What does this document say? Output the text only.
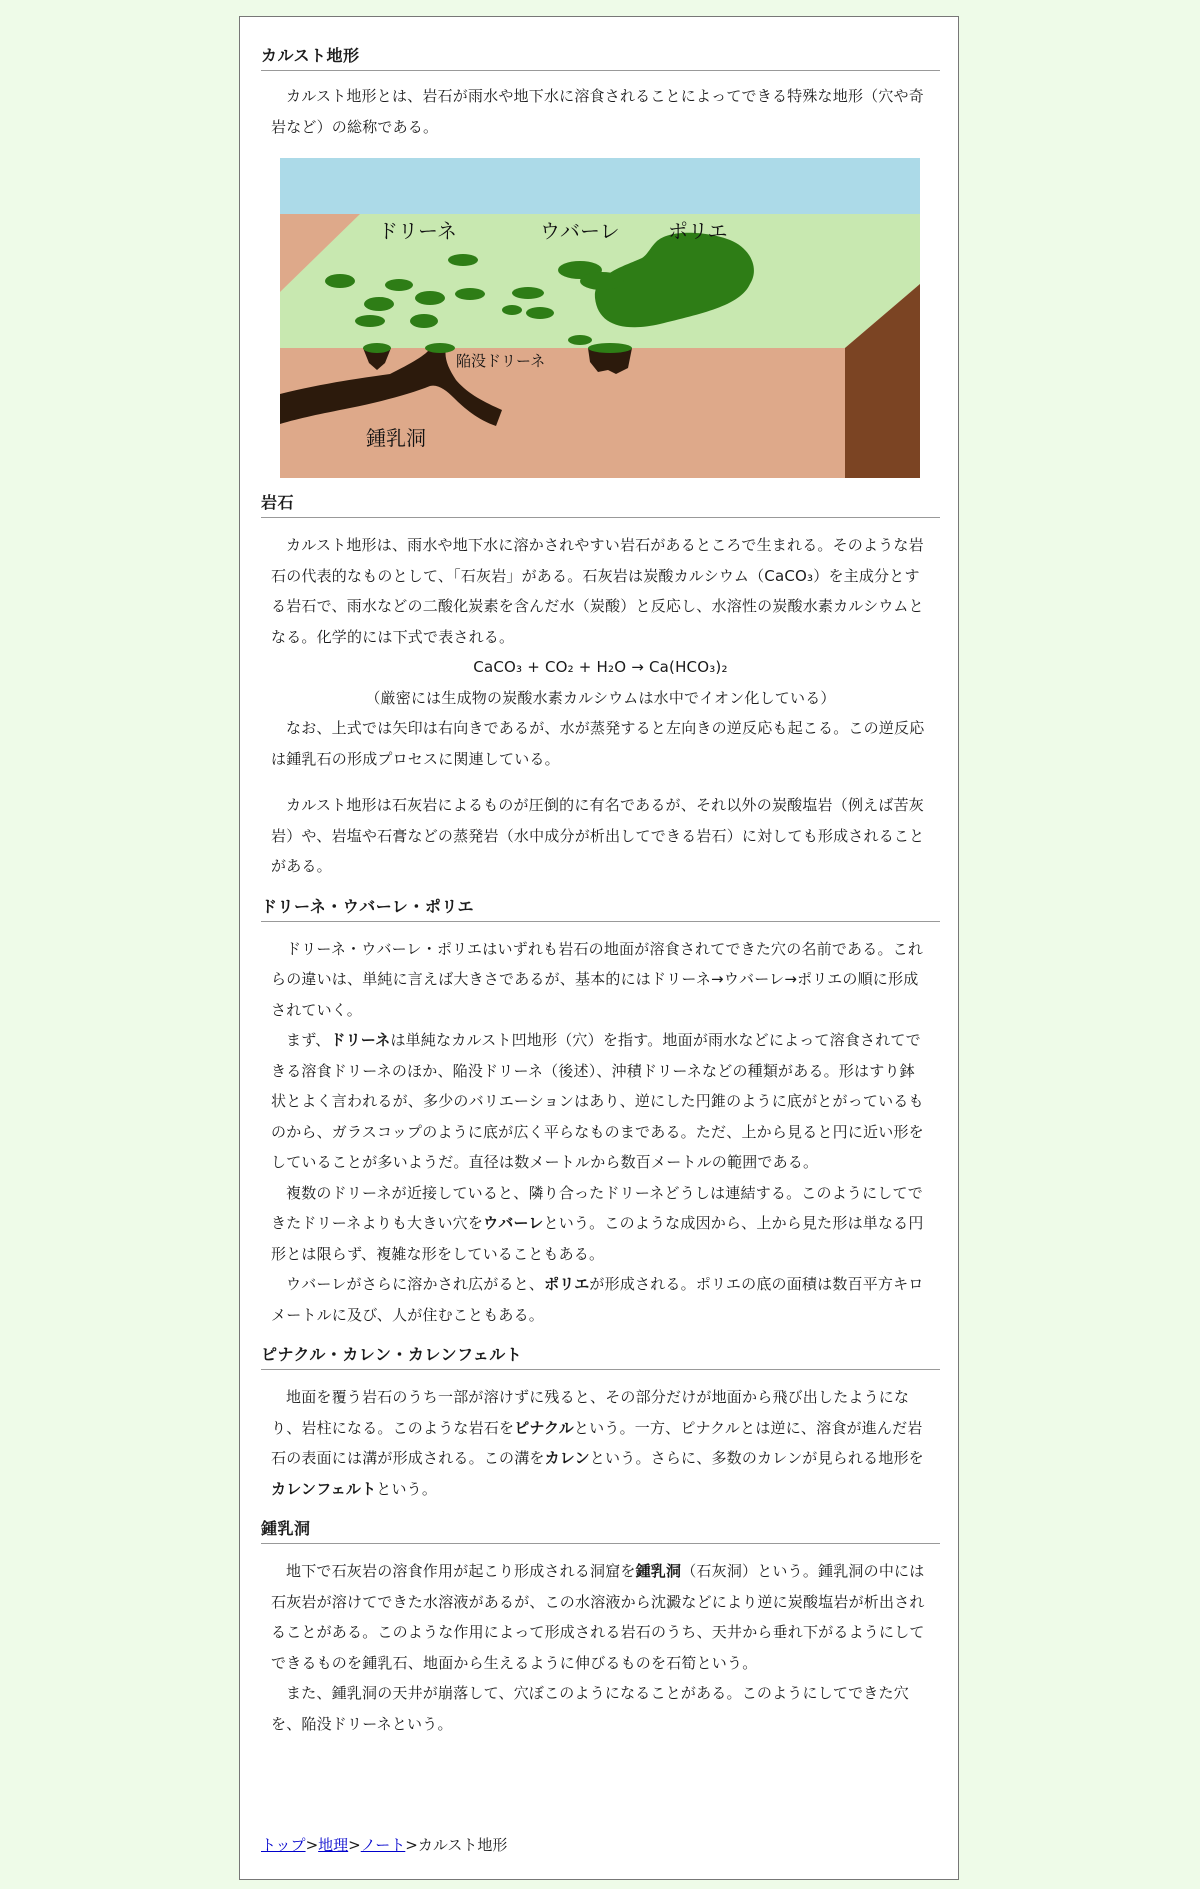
カルスト地形

カルスト地形とは、岩石が雨水や地下水に溶食されることによってできる特殊な地形（穴や奇岩など）の総称である。

ドリーネ	ウバーレ ポリエ
陥没ドリーネ
鍾乳洞
岩石

カルスト地形は、雨水や地下水に溶かされやすい岩石があるところで生まれる。そのような岩石の代表的なものとして、「石灰岩」がある。石灰岩は炭酸カルシウム（CaCO₃）を主成分とする岩石で、雨水などの二酸化炭素を含んだ水（炭酸）と反応し、水溶性の炭酸水素カルシウムとなる。化学的には下式で表される。

CaCO₃ + CO₂ + H₂O → Ca(HCO₃)₂

（厳密には生成物の炭酸水素カルシウムは水中でイオン化している）

なお、上式では矢印は右向きであるが、水が蒸発すると左向きの逆反応も起こる。この逆反応は鍾乳石の形成プロセスに関連している。

カルスト地形は石灰岩によるものが圧倒的に有名であるが、それ以外の炭酸塩岩（例えば苦灰岩）や、岩塩や石膏などの蒸発岩（水中成分が析出してできる岩石）に対しても形成されることがある。

ドリーネ・ウバーレ・ポリエ

ドリーネ・ウバーレ・ポリエはいずれも岩石の地面が溶食されてできた穴の名前である。これらの違いは、単純に言えば大きさであるが、基本的にはドリーネ→ウバーレ→ポリエの順に形成されていく。

まず、ドリーネは単純なカルスト凹地形（穴）を指す。地面が雨水などによって溶食されてできる溶食ドリーネのほか、陥没ドリーネ（後述）、沖積ドリーネなどの種類がある。形はすり鉢状とよく言われるが、多少のバリエーションはあり、逆にした円錐のように底がとがっているものから、ガラスコップのように底が広く平らなものまである。ただ、上から見ると円に近い形をしていることが多いようだ。直径は数メートルから数百メートルの範囲である。

複数のドリーネが近接していると、隣り合ったドリーネどうしは連結する。このようにしてできたドリーネよりも大きい穴をウバーレという。このような成因から、上から見た形は単なる円形とは限らず、複雑な形をしていることもある。

ウバーレがさらに溶かされ広がると、ポリエが形成される。ポリエの底の面積は数百平方キロメートルに及び、人が住むこともある。

ピナクル・カレン・カレンフェルト

地面を覆う岩石のうち一部が溶けずに残ると、その部分だけが地面から飛び出したようになり、岩柱になる。このような岩石をピナクルという。一方、ピナクルとは逆に、溶食が進んだ岩石の表面には溝が形成される。この溝をカレンという。さらに、多数のカレンが見られる地形をカレンフェルトという。

鍾乳洞

地下で石灰岩の溶食作用が起こり形成される洞窟を鍾乳洞（石灰洞）という。鍾乳洞の中には石灰岩が溶けてできた水溶液があるが、この水溶液から沈澱などにより逆に炭酸塩岩が析出されることがある。このような作用によって形成される岩石のうち、天井から垂れ下がるようにしてできるものを鍾乳石、地面から生えるように伸びるものを石筍という。

また、鍾乳洞の天井が崩落して、穴ぼこのようになることがある。このようにしてできた穴を、陥没ドリーネという。

トップ>地理>ノート>カルスト地形
